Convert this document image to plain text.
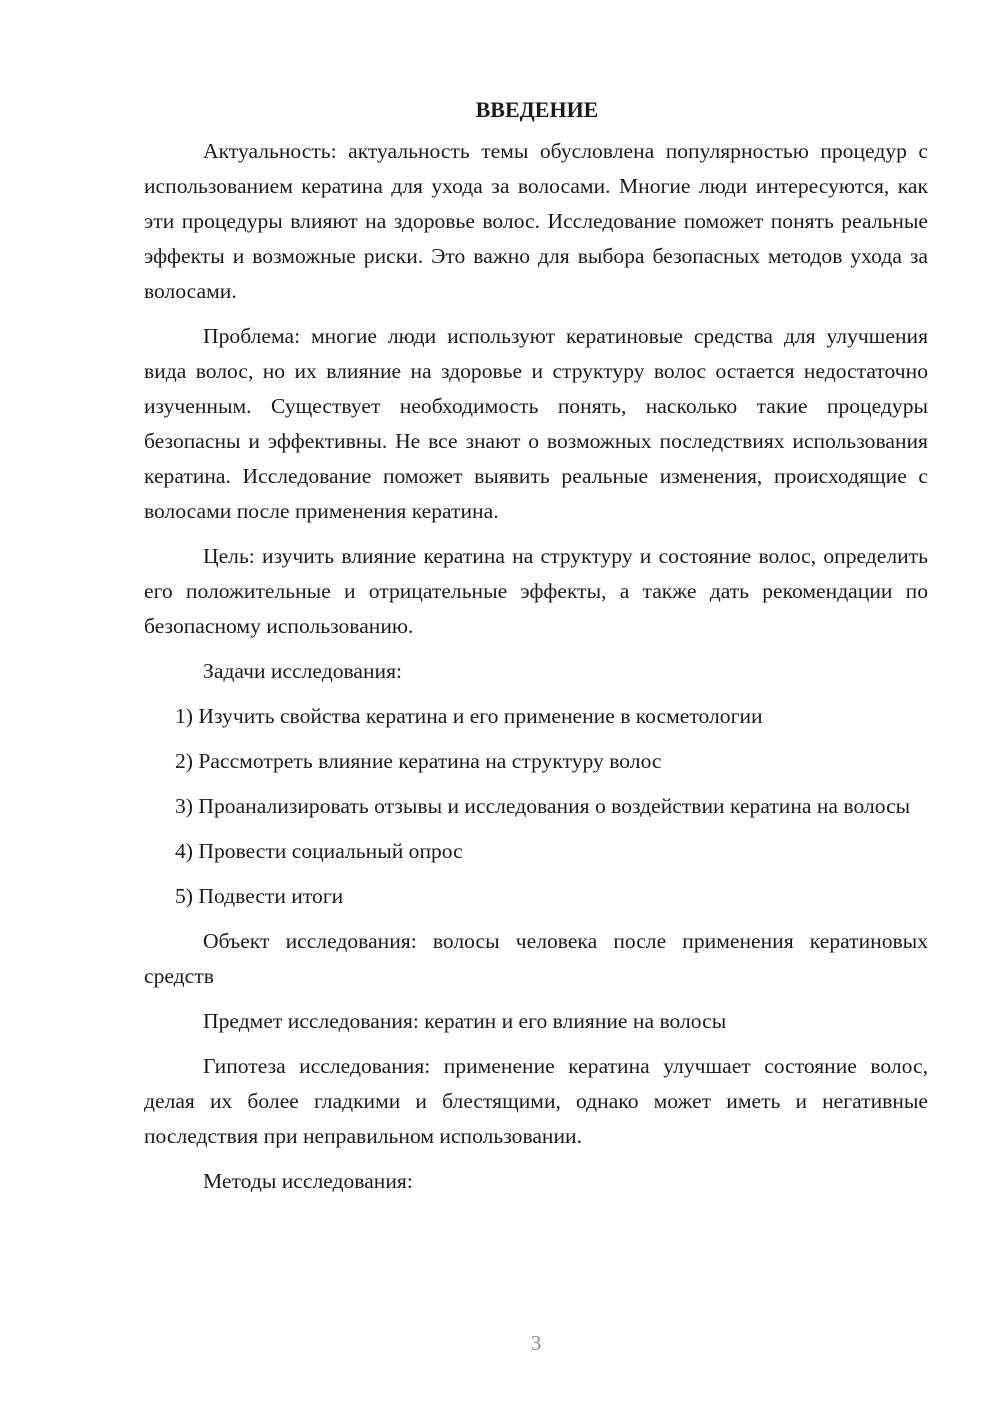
ВВЕДЕНИЕ

Актуальность: актуальность темы обусловлена популярностью процедур с использованием кератина для ухода за волосами. Многие люди интересуются, как эти процедуры влияют на здоровье волос. Исследование поможет понять реальные эффекты и возможные риски. Это важно для выбора безопасных методов ухода за волосами.

Проблема: многие люди используют кератиновые средства для улучшения вида волос, но их влияние на здоровье и структуру волос остается недостаточно изученным. Существует необходимость понять, насколько такие процедуры безопасны и эффективны. Не все знают о возможных последствиях использования кератина. Исследование поможет выявить реальные изменения, происходящие с волосами после применения кератина.

Цель: изучить влияние кератина на структуру и состояние волос, определить его положительные и отрицательные эффекты, а также дать рекомендации по безопасному использованию.

Задачи исследования:

1) Изучить свойства кератина и его применение в косметологии

2) Рассмотреть влияние кератина на структуру волос

3) Проанализировать отзывы и исследования о воздействии кератина на волосы

4) Провести социальный опрос

5) Подвести итоги

Объект исследования: волосы человека после применения кератиновых средств

Предмет исследования: кератин и его влияние на волосы

Гипотеза исследования: применение кератина улучшает состояние волос, делая их более гладкими и блестящими, однако может иметь и негативные последствия при неправильном использовании.

Методы исследования:

3
